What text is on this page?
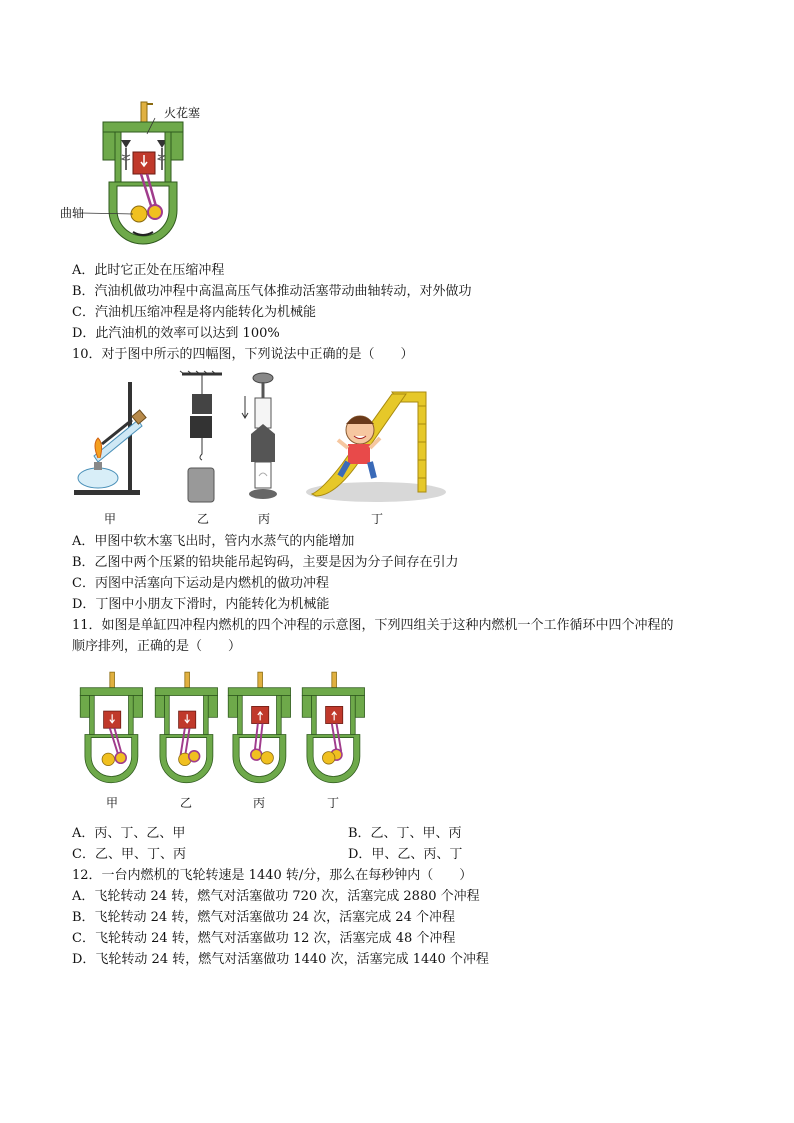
火花塞
曲轴
A．此时它正处在压缩冲程
B．汽油机做功冲程中高温高压气体推动活塞带动曲轴转动，对外做功
C．汽油机压缩冲程是将内能转化为机械能
D．此汽油机的效率可以达到 100%
10．对于图中所示的四幅图，下列说法中正确的是（　　）
甲	乙	丙	丁
A．甲图中软木塞飞出时，管内水蒸气的内能增加
B．乙图中两个压紧的铅块能吊起钩码，主要是因为分子间存在引力
C．丙图中活塞向下运动是内燃机的做功冲程
D．丁图中小朋友下滑时，内能转化为机械能
11．如图是单缸四冲程内燃机的四个冲程的示意图，下列四组关于这种内燃机一个工作循环中四个冲程的
顺序排列，正确的是（　　）
甲	乙	丙	丁
A．丙、丁、乙、甲	B．乙、丁、甲、丙
C．乙、甲、丁、丙	D．甲、乙、丙、丁
12．一台内燃机的飞轮转速是 1440 转/分，那么在每秒钟内（　　）
A．飞轮转动 24 转，燃气对活塞做功 720 次，活塞完成 2880 个冲程
B．飞轮转动 24 转，燃气对活塞做功 24 次，活塞完成 24 个冲程
C．飞轮转动 24 转，燃气对活塞做功 12 次，活塞完成 48 个冲程
D．飞轮转动 24 转，燃气对活塞做功 1440 次，活塞完成 1440 个冲程
